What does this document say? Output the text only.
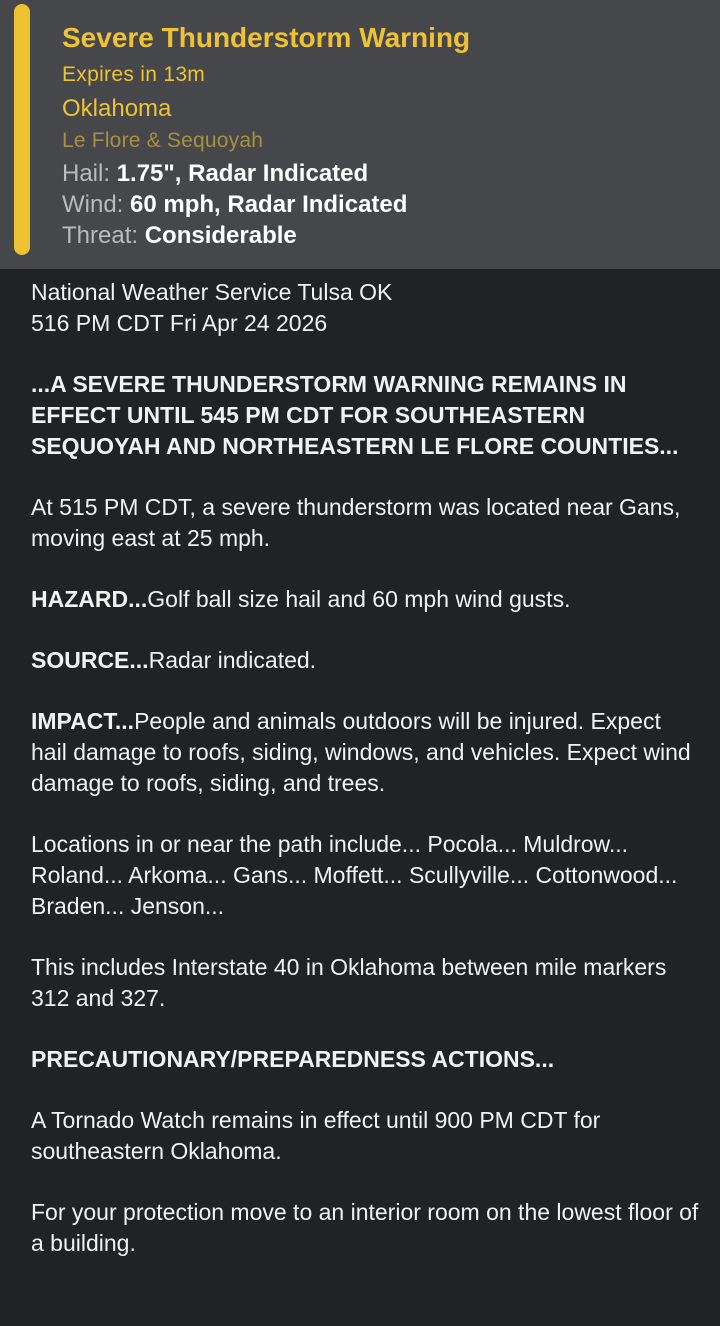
Severe Thunderstorm Warning
Expires in 13m
Oklahoma
Le Flore & Sequoyah
Hail: 1.75", Radar Indicated
Wind: 60 mph, Radar Indicated
Threat: Considerable
National Weather Service Tulsa OK
516 PM CDT Fri Apr 24 2026
...A SEVERE THUNDERSTORM WARNING REMAINS IN EFFECT UNTIL 545 PM CDT FOR SOUTHEASTERN SEQUOYAH AND NORTHEASTERN LE FLORE COUNTIES...
At 515 PM CDT, a severe thunderstorm was located near Gans, moving east at 25 mph.
HAZARD...Golf ball size hail and 60 mph wind gusts.
SOURCE...Radar indicated.
IMPACT...People and animals outdoors will be injured. Expect hail damage to roofs, siding, windows, and vehicles. Expect wind damage to roofs, siding, and trees.
Locations in or near the path include... Pocola... Muldrow... Roland... Arkoma... Gans... Moffett... Scullyville... Cottonwood... Braden... Jenson...
This includes Interstate 40 in Oklahoma between mile markers 312 and 327.
PRECAUTIONARY/PREPAREDNESS ACTIONS...
A Tornado Watch remains in effect until 900 PM CDT for southeastern Oklahoma.
For your protection move to an interior room on the lowest floor of a building.
